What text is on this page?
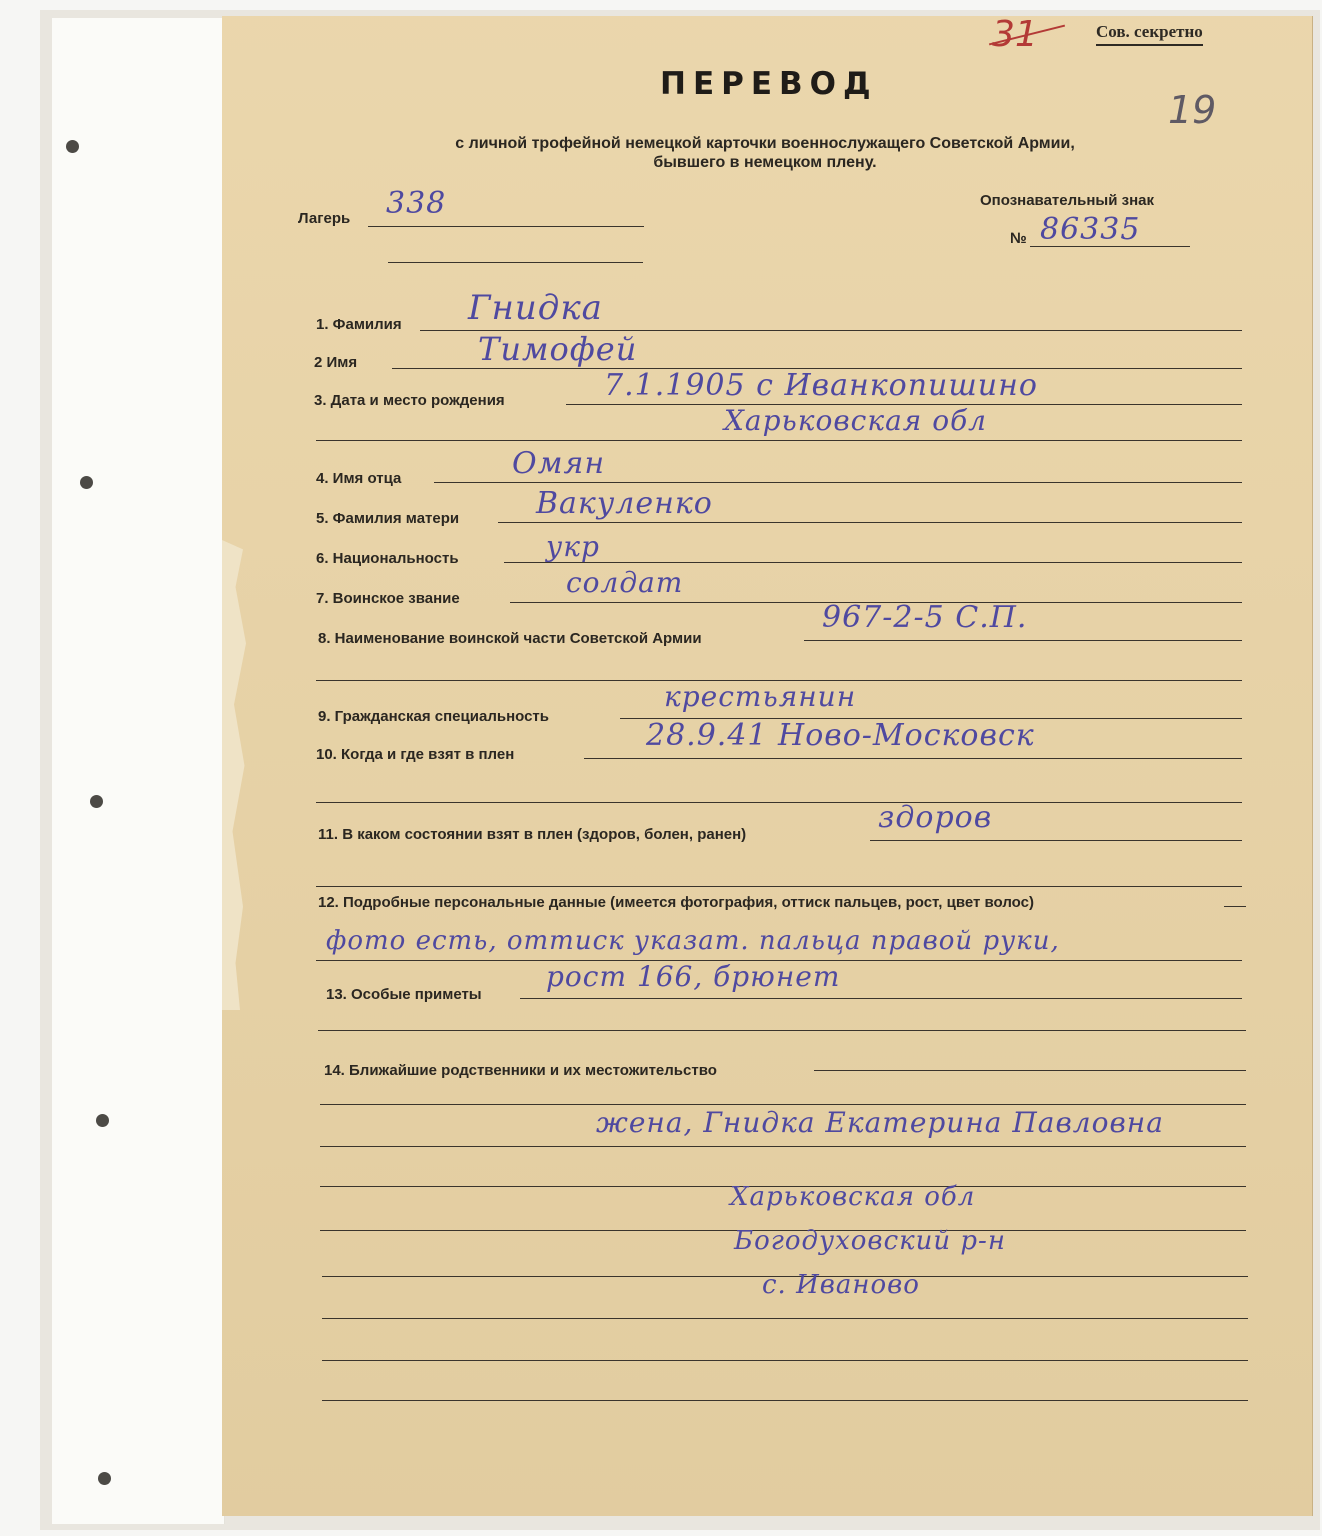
Сов. секретно
31
19
ПЕРЕВОД
с личной трофейной немецкой карточки военнослужащего Советской Армии,
бывшего в немецком плену.
Лагерь 338	Опознавательный знак
№ 86335
1. Фамилия Гнидка
2 Имя	Тимофей
3. Дата и место рождения	7.1.1905 с Иванкопишино
Харьковская обл
4. Имя отца	Омян
5. Фамилия матери	Вакуленко
6. Национальность	укр
7. Воинское звание	солдат
8. Наименование воинской части Советской Армии
967-2-5 С.П.
9. Гражданская специальность
крестьянин
10. Когда и где взят в плен
28.9.41 Ново-Московск
11. В каком состоянии взят в плен (здоров, болен, ранен)	здоров
12. Подробные персональные данные (имеется фотография, оттиск пальцев, рост, цвет волос)
фото есть, оттиск указат. пальца правой руки,
13. Особые приметы
рост 166, брюнет
14. Ближайшие родственники и их местожительство
жена, Гнидка Екатерина Павловна
Харьковская обл
Богодуховский р-н
с. Иваново
